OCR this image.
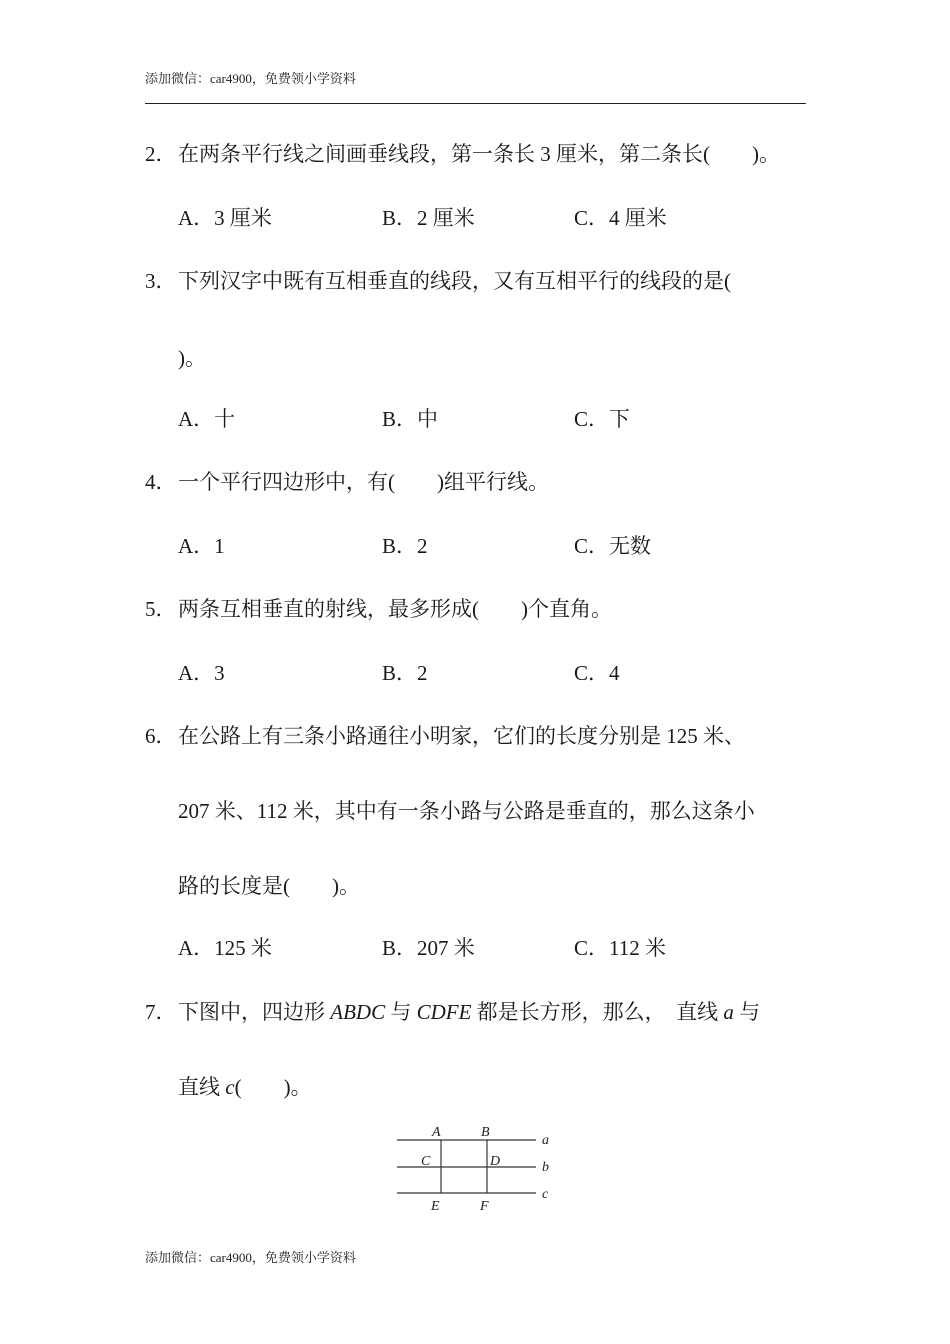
添加微信：car4900，免费领小学资料
2．在两条平行线之间画垂线段，第一条长 3 厘米，第二条长( )。
A．3 厘米	B．2 厘米	C．4 厘米
3．下列汉字中既有互相垂直的线段，又有互相平行的线段的是(
)。
A．十	B．中	C．下
4．一个平行四边形中，有( )组平行线。
A．1	B．2	C．无数
5．两条互相垂直的射线，最多形成( )个直角。
A．3	B．2	C．4
6．在公路上有三条小路通往小明家，它们的长度分别是 125 米、
207 米、112 米，其中有一条小路与公路是垂直的，那么这条小
路的长度是( )。
A．125 米	B．207 米	C．112 米
7．下图中，四边形 ABDC 与 CDFE 都是长方形，那么，　直线 a 与
直线 c( )。
A	B
C	D
E	F
a
b
c
添加微信：car4900，免费领小学资料
